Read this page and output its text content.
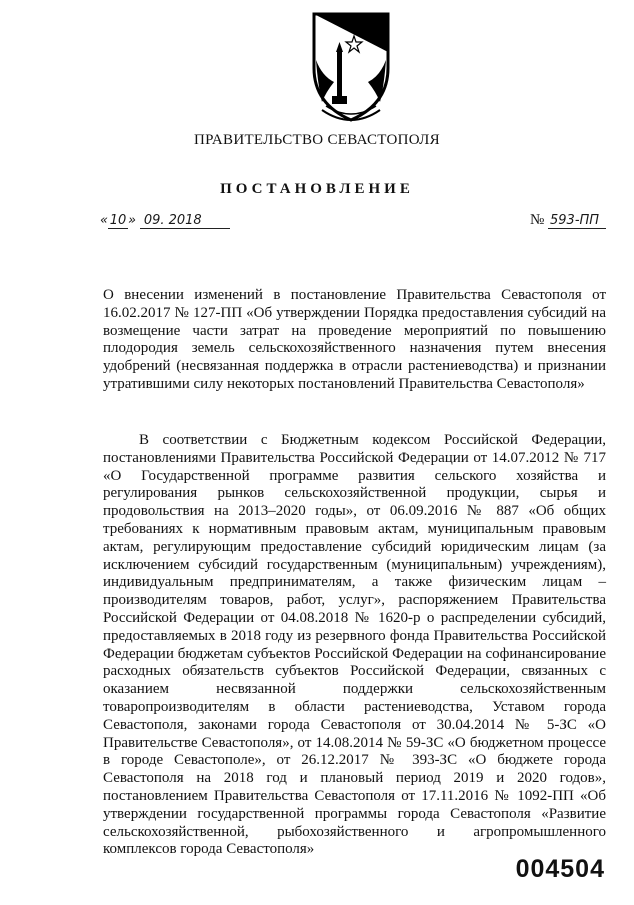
ПРАВИТЕЛЬСТВО СЕВАСТОПОЛЯ
ПОСТАНОВЛЕНИЕ
« 10 » 09. 2018	№ 593-ПП
О внесении изменений в постановление Правительства Севастополя от 16.02.2017 № 127-ПП «Об утверждении Порядка предоставления субсидий на возмещение части затрат на проведение мероприятий по повышению плодородия земель сельскохозяйственного назначения путем внесения удобрений (несвязанная поддержка в отрасли растениеводства) и признании утратившими силу некоторых постановлений Правительства Севастополя»
В соответствии с Бюджетным кодексом Российской Федерации, постановлениями Правительства Российской Федерации от 14.07.2012 № 717 «О Государственной программе развития сельского хозяйства и регулирования рынков сельскохозяйственной продукции, сырья и продовольствия на 2013–2020 годы», от 06.09.2016 № 887 «Об общих требованиях к нормативным правовым актам, муниципальным правовым актам, регулирующим предоставление субсидий юридическим лицам (за исключением субсидий государственным (муниципальным) учреждениям), индивидуальным предпринимателям, а также физическим лицам – производителям товаров, работ, услуг», распоряжением Правительства Российской Федерации от 04.08.2018 № 1620-р о распределении субсидий, предоставляемых в 2018 году из резервного фонда Правительства Российской Федерации бюджетам субъектов Российской Федерации на софинансирование расходных обязательств субъектов Российской Федерации, связанных с оказанием несвязанной поддержки сельскохозяйственным товаропроизводителям в области растениеводства, Уставом города Севастополя, законами города Севастополя от 30.04.2014 № 5-ЗС «О Правительстве Севастополя», от 14.08.2014 № 59-ЗС «О бюджетном процессе в городе Севастополе», от 26.12.2017 № 393-ЗС «О бюджете города Севастополя на 2018 год и плановый период 2019 и 2020 годов», постановлением Правительства Севастополя от 17.11.2016 № 1092-ПП «Об утверждении государственной программы города Севастополя «Развитие сельскохозяйственной, рыбохозяйственного и агропромышленного комплексов города Севастополя»
004504
